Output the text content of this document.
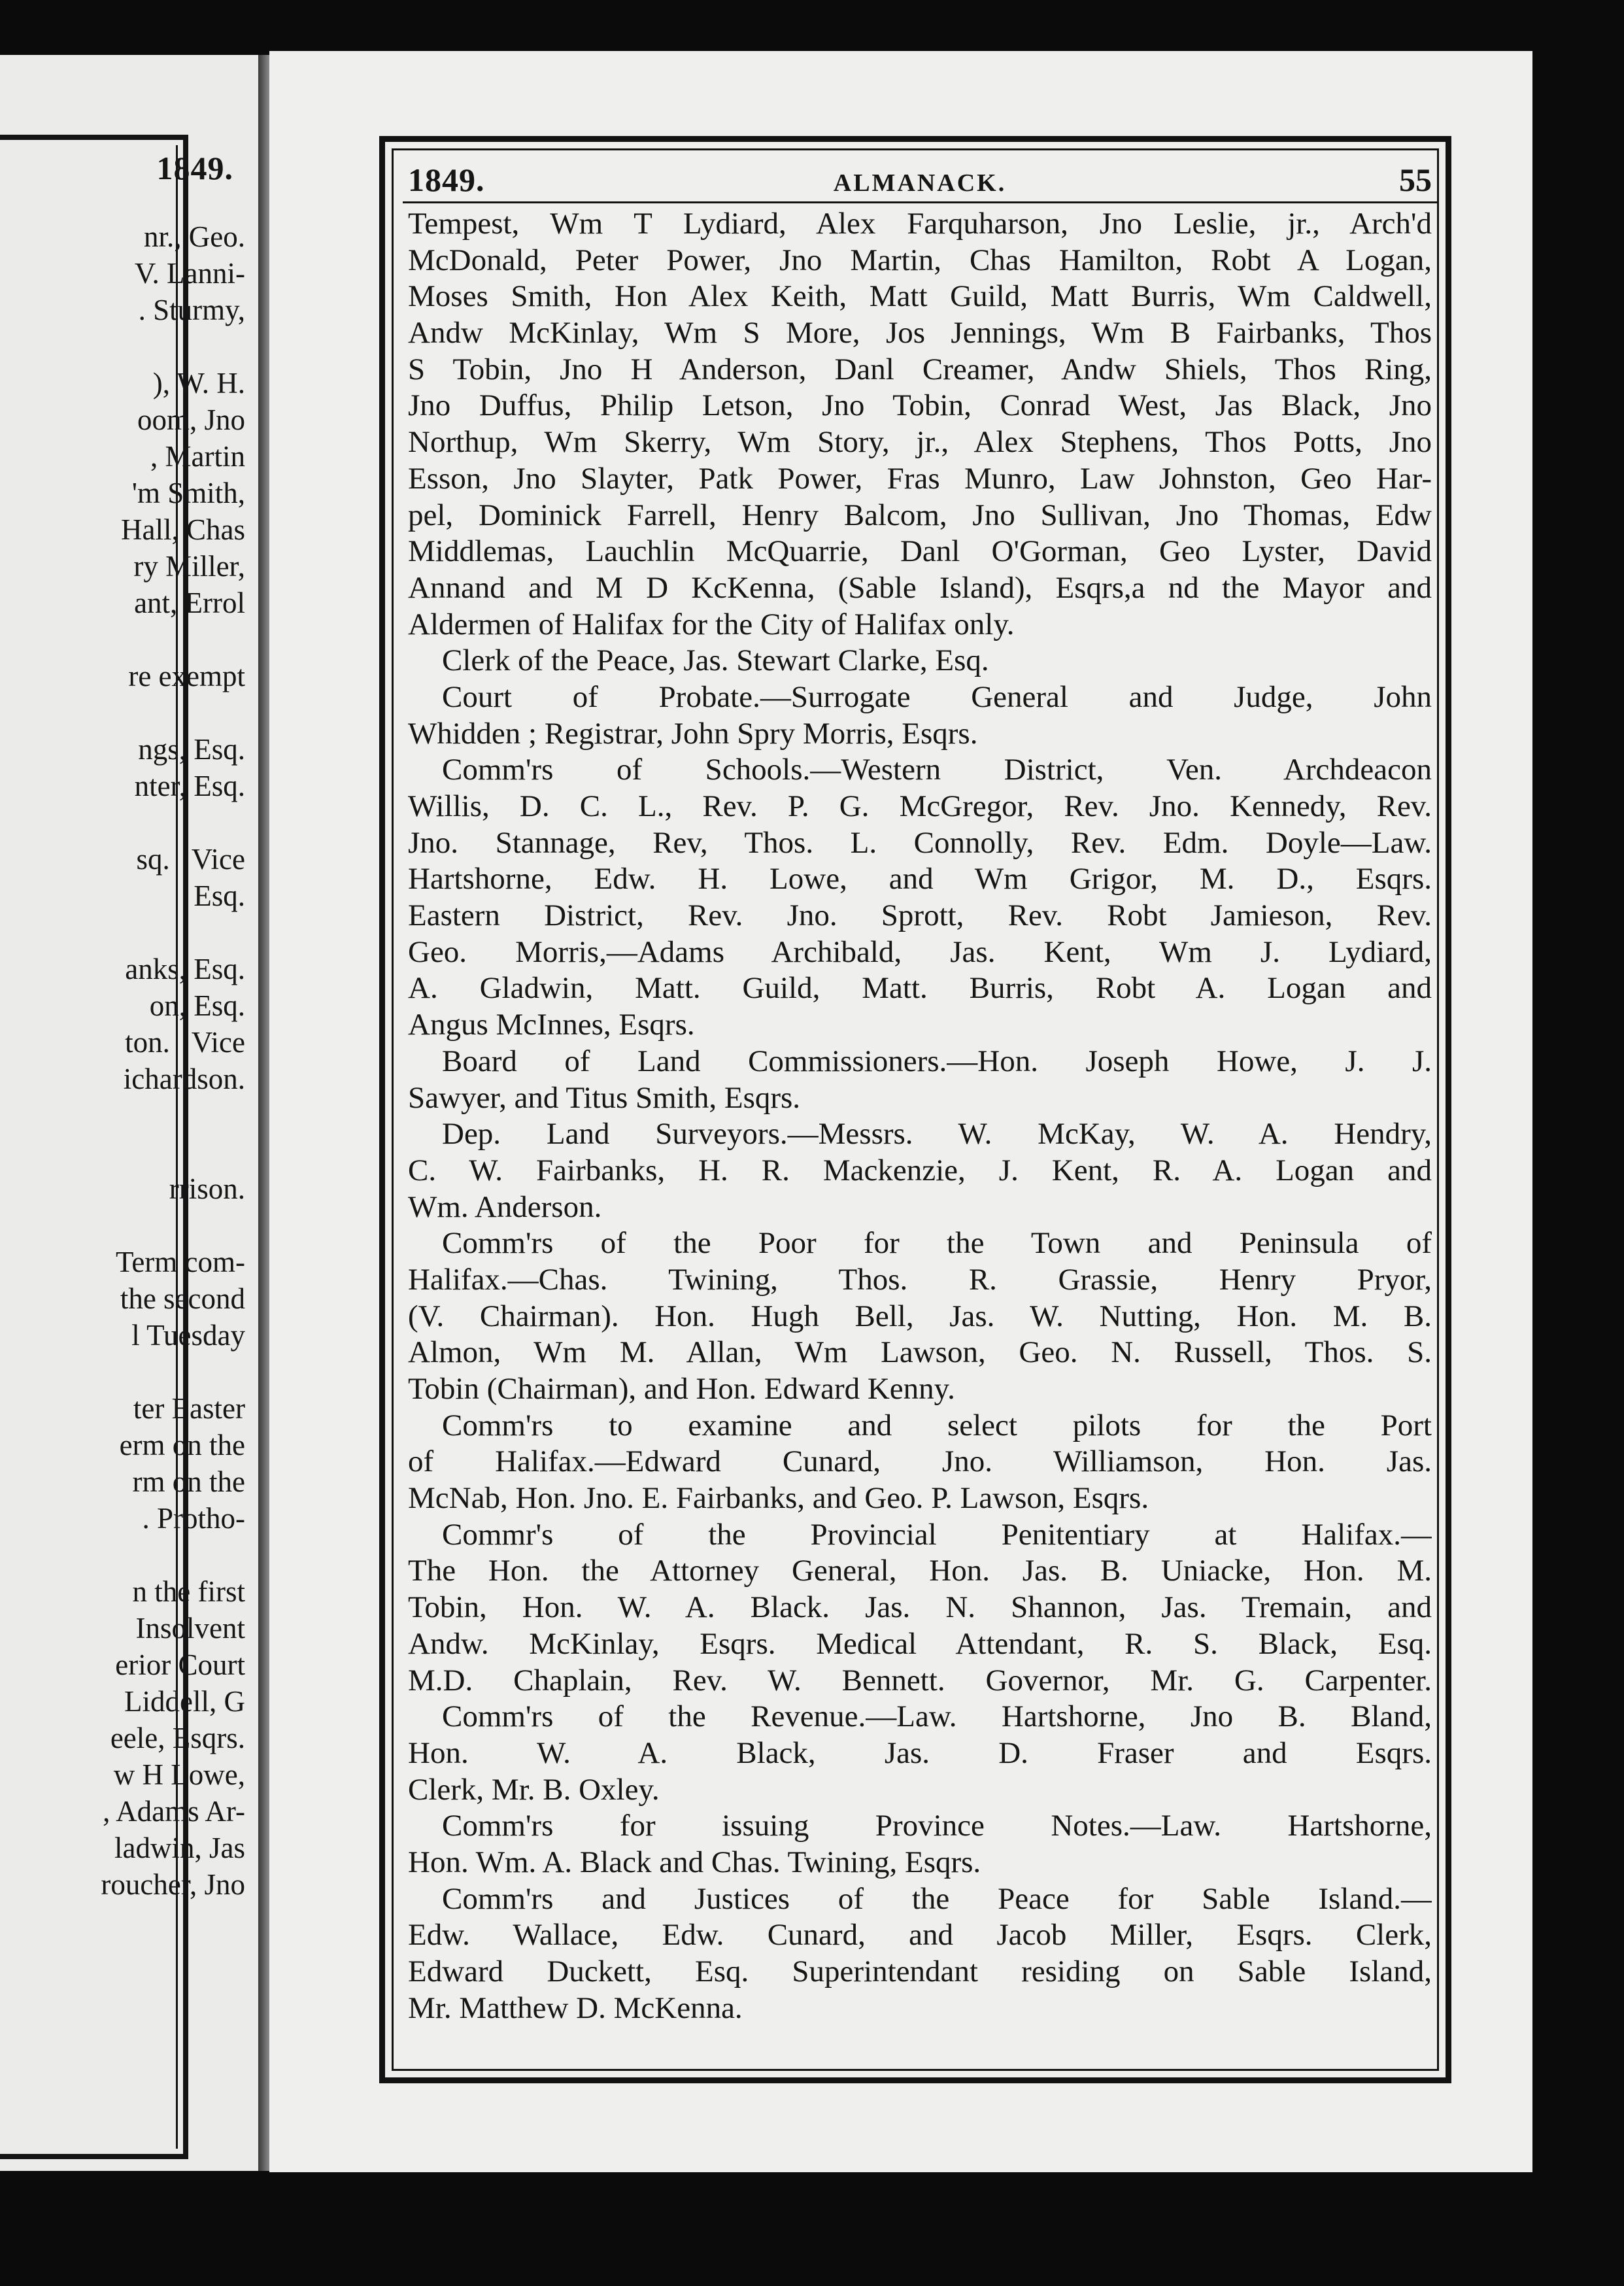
1849.
nr., Geo.
V. Lanni-
. Sturmy,
), W. H.
oom, Jno
, Martin
'm Smith,
Hall, Chas
ry Miller,
ant, Errol
re exempt
ngs, Esq.
nter, Esq.
sq.   Vice
Esq.
anks, Esq.
on, Esq.
ton.   Vice
ichardson.
rrison.
Term com-
the second
l Tuesday
ter Easter
erm on the
rm on the
. Protho-
n the first
Insolvent
erior Court
Liddell, G
eele, Esqrs.
w H Lowe,
, Adams Ar-
ladwin, Jas
roucher, Jno
1849.	ALMANACK.	55
Tempest, Wm T Lydiard, Alex Farquharson, Jno Leslie, jr., Arch'd
McDonald, Peter Power, Jno Martin, Chas Hamilton, Robt A Logan,
Moses Smith, Hon Alex Keith, Matt Guild, Matt Burris, Wm Caldwell,
Andw McKinlay, Wm S More, Jos Jennings, Wm B Fairbanks, Thos
S Tobin, Jno H Anderson, Danl Creamer, Andw Shiels, Thos Ring,
Jno Duffus, Philip Letson, Jno Tobin, Conrad West, Jas Black, Jno
Northup, Wm Skerry, Wm Story, jr., Alex Stephens, Thos Potts, Jno
Esson, Jno Slayter, Patk Power, Fras Munro, Law Johnston, Geo Har-
pel, Dominick Farrell, Henry Balcom, Jno Sullivan, Jno Thomas, Edw
Middlemas, Lauchlin McQuarrie, Danl O'Gorman, Geo Lyster, David
Annand and M D KcKenna, (Sable Island), Esqrs,a nd the Mayor and
Aldermen of Halifax for the City of Halifax only.
Clerk of the Peace, Jas. Stewart Clarke, Esq.
Court of Probate.—Surrogate General and Judge, John
Whidden ; Registrar, John Spry Morris, Esqrs.
Comm'rs of Schools.—Western District, Ven. Archdeacon
Willis, D. C. L., Rev. P. G. McGregor, Rev. Jno. Kennedy, Rev.
Jno. Stannage, Rev, Thos. L. Connolly, Rev. Edm. Doyle—Law.
Hartshorne, Edw. H. Lowe, and Wm Grigor, M. D., Esqrs.
Eastern District, Rev. Jno. Sprott, Rev. Robt Jamieson, Rev.
Geo. Morris,—Adams Archibald, Jas. Kent, Wm J. Lydiard,
A. Gladwin, Matt. Guild, Matt. Burris, Robt A. Logan and
Angus McInnes, Esqrs.
Board of Land Commissioners.—Hon. Joseph Howe, J. J.
Sawyer, and Titus Smith, Esqrs.
Dep. Land Surveyors.—Messrs. W. McKay, W. A. Hendry,
C. W. Fairbanks, H. R. Mackenzie, J. Kent, R. A. Logan and
Wm. Anderson.
Comm'rs of the Poor for the Town and Peninsula of
Halifax.—Chas. Twining, Thos. R. Grassie, Henry Pryor,
(V. Chairman). Hon. Hugh Bell, Jas. W. Nutting, Hon. M. B.
Almon, Wm M. Allan, Wm Lawson, Geo. N. Russell, Thos. S.
Tobin (Chairman), and Hon. Edward Kenny.
Comm'rs to examine and select pilots for the Port
of Halifax.—Edward Cunard, Jno. Williamson, Hon. Jas.
McNab, Hon. Jno. E. Fairbanks, and Geo. P. Lawson, Esqrs.
Commr's of the Provincial Penitentiary at Halifax.—
The Hon. the Attorney General, Hon. Jas. B. Uniacke, Hon. M.
Tobin, Hon. W. A. Black. Jas. N. Shannon, Jas. Tremain, and
Andw. McKinlay, Esqrs. Medical Attendant, R. S. Black, Esq.
M.D. Chaplain, Rev. W. Bennett. Governor, Mr. G. Carpenter.
Comm'rs of the Revenue.—Law. Hartshorne, Jno B. Bland,
Hon. W. A. Black, Jas. D. Fraser and Esqrs.
Clerk, Mr. B. Oxley.
Comm'rs for issuing Province Notes.—Law. Hartshorne,
Hon. Wm. A. Black and Chas. Twining, Esqrs.
Comm'rs and Justices of the Peace for Sable Island.—
Edw. Wallace, Edw. Cunard, and Jacob Miller, Esqrs. Clerk,
Edward Duckett, Esq. Superintendant residing on Sable Island,
Mr. Matthew D. McKenna.
